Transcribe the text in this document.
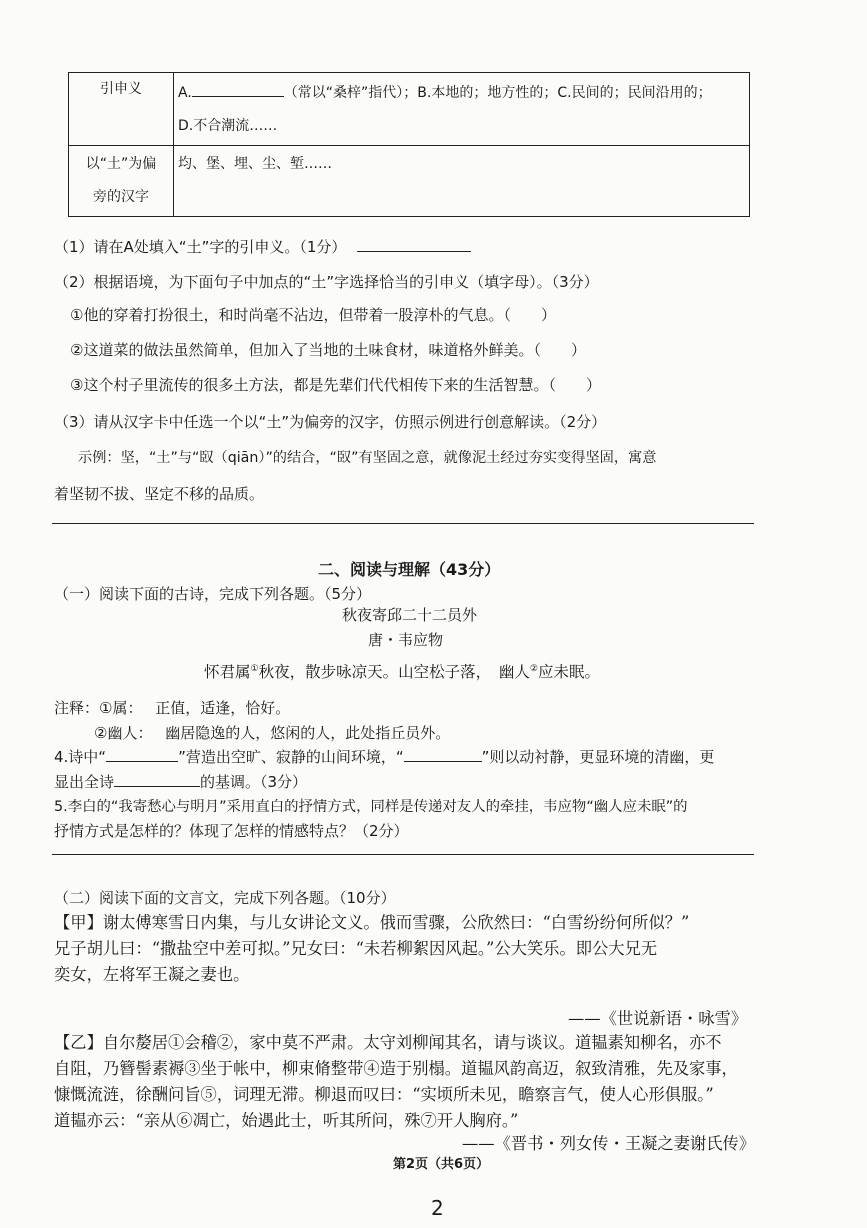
引申义	A. （常以“桑梓”指代）；B.本地的；地方性的；C.民间的；民间沿用的；
D.不合潮流……

以“土”为偏
旁的汉字	均、堡、埋、尘、堑……
（1）请在A处填入“土”字的引申义。（1分）
（2）根据语境，为下面句子中加点的“土”字选择恰当的引申义（填字母）。（3分）
①他的穿着打扮很土，和时尚毫不沾边，但带着一股淳朴的气息。（　　）
②这道菜的做法虽然简单，但加入了当地的土味食材，味道格外鲜美。（　　）
③这个村子里流传的很多土方法，都是先辈们代代相传下来的生活智慧。（　　）
（3）请从汉字卡中任选一个以“土”为偏旁的汉字，仿照示例进行创意解读。（2分）
示例：坚，“土”与“臤（qiān）”的结合，“臤”有坚固之意，就像泥土经过夯实变得坚固，寓意
着坚韧不拔、坚定不移的品质。
二、阅读与理解（43分）
（一）阅读下面的古诗，完成下列各题。（5分）
秋夜寄邱二十二员外
唐・韦应物
怀君属①秋夜，散步咏凉天。山空松子落，　幽人②应未眠。
注释：①属： 正值，适逢，恰好。
②幽人： 幽居隐逸的人，悠闲的人，此处指丘员外。
4.诗中“	”营造出空旷、寂静的山间环境，“	”则以动衬静，更显环境的清幽，更
显出全诗	的基调。（3分）
5.李白的“我寄愁心与明月”采用直白的抒情方式，同样是传递对友人的牵挂，韦应物“幽人应未眠”的
抒情方式是怎样的？体现了怎样的情感特点？（2分）
（二）阅读下面的文言文，完成下列各题。（10分）
【甲】谢太傅寒雪日内集，与儿女讲论文义。俄而雪骤，公欣然曰：“白雪纷纷何所似？”
兄子胡儿曰：“撒盐空中差可拟。”兄女曰：“未若柳絮因风起。”公大笑乐。即公大兄无
奕女，左将军王凝之妻也。
——《世说新语・咏雪》
【乙】自尔嫠居①会稽②，家中莫不严肃。太守刘柳闻其名，请与谈议。道韫素知柳名，亦不
自阻，乃簪髻素褥③坐于帐中，柳束脩整带④造于别榻。道韫风韵高迈，叙致清雅，先及家事，
慷慨流涟，徐酬问旨⑤，词理无滞。柳退而叹曰：“实顷所未见，瞻察言气，使人心形俱服。”
道韫亦云：“亲从⑥凋亡，始遇此士，听其所问，殊⑦开人胸府。”
——《晋书・列女传・王凝之妻谢氏传》
第2页（共6页）
2
